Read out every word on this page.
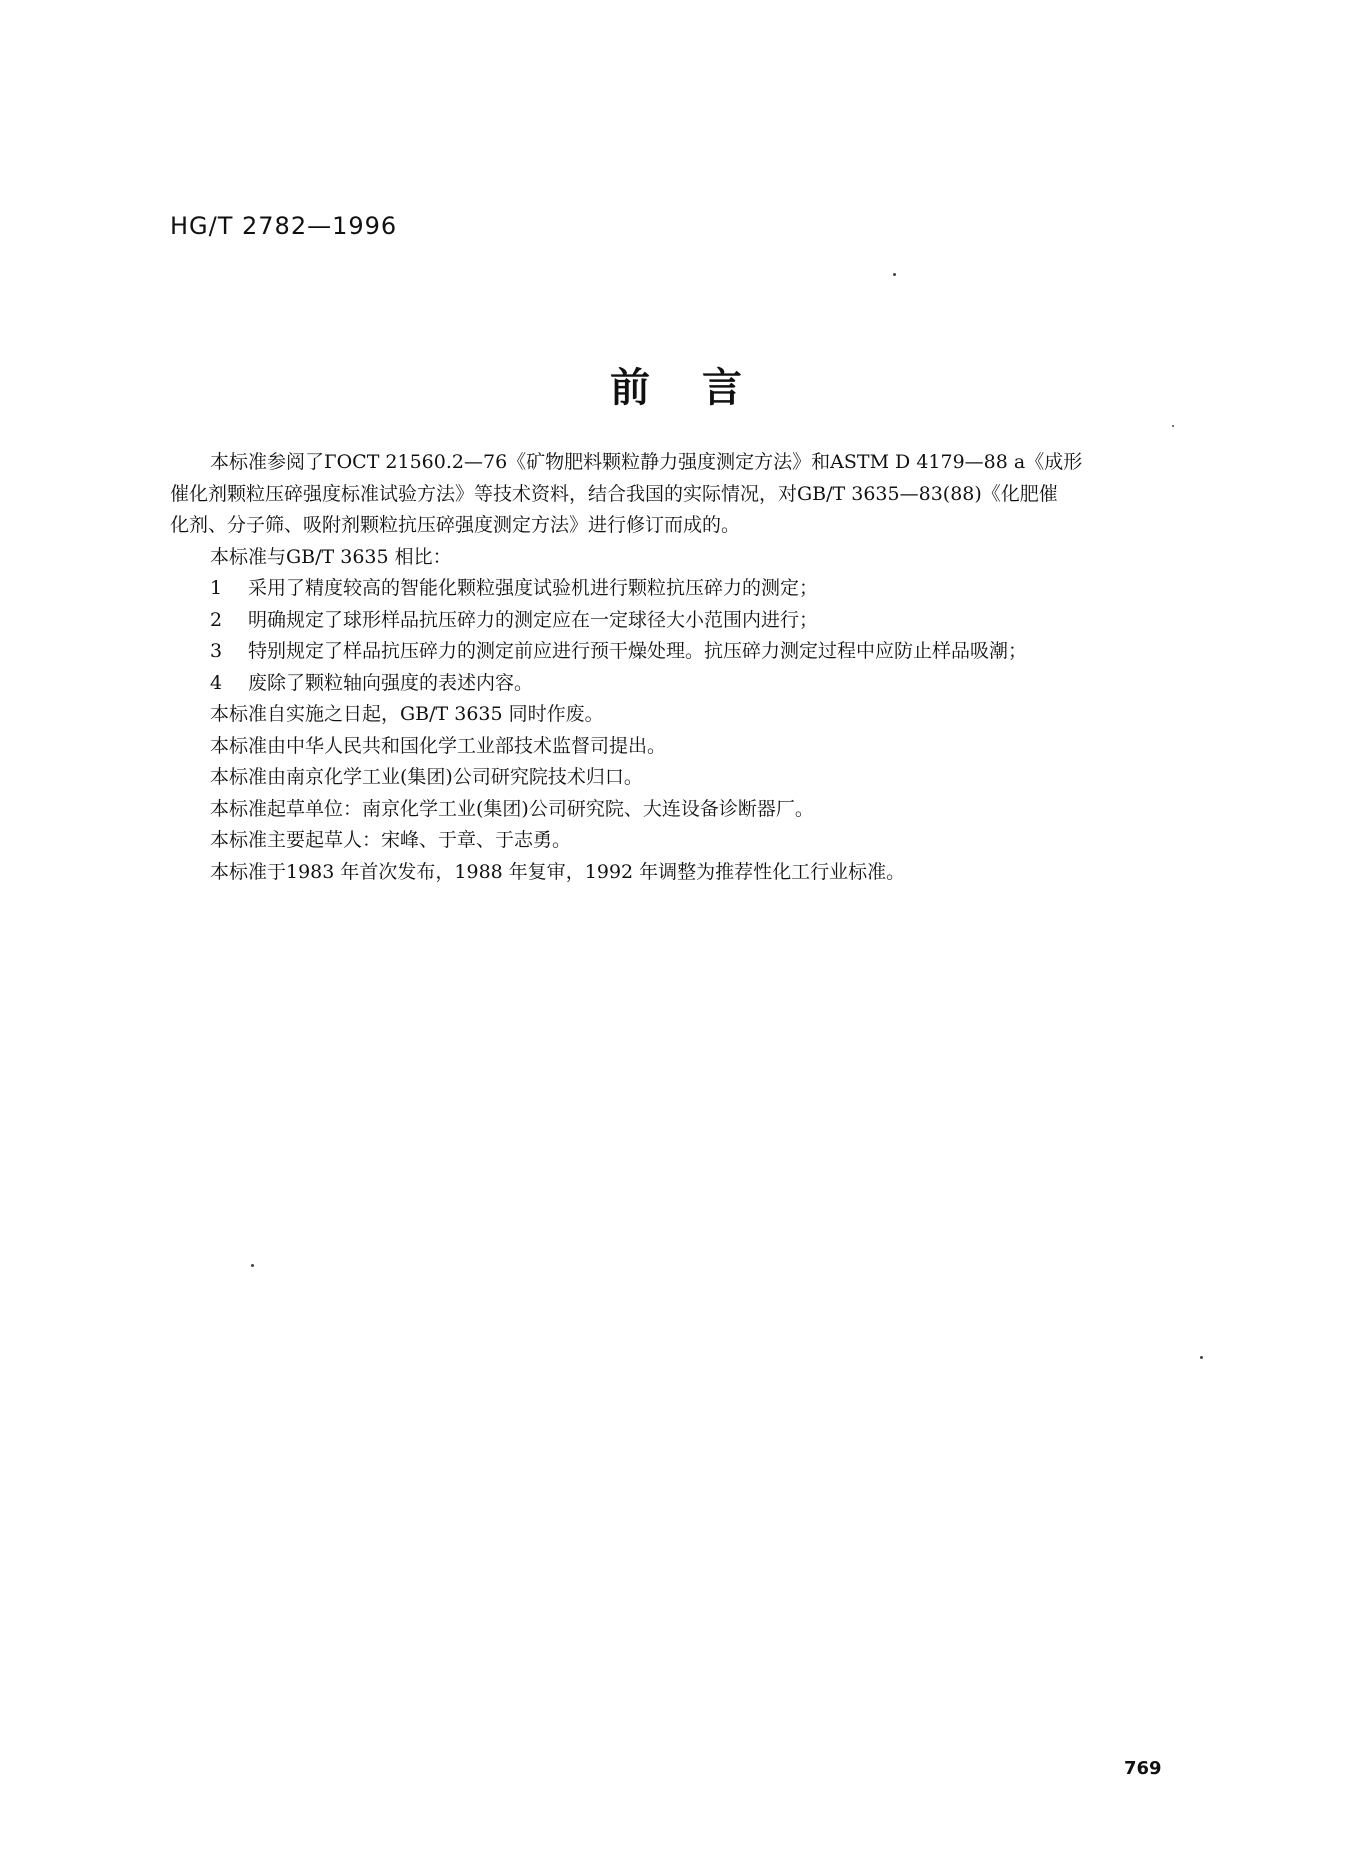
HG/T 2782—1996
前言

本标准参阅了ГОСТ 21560.2—76《矿物肥料颗粒静力强度测定方法》和ASTM D 4179—88 a《成形

催化剂颗粒压碎强度标准试验方法》等技术资料，结合我国的实际情况，对GB/T 3635—83(88)《化肥催

化剂、分子筛、吸附剂颗粒抗压碎强度测定方法》进行修订而成的。

本标准与GB/T 3635 相比：

1	采用了精度较高的智能化颗粒强度试验机进行颗粒抗压碎力的测定；
2	明确规定了球形样品抗压碎力的测定应在一定球径大小范围内进行；
3	特别规定了样品抗压碎力的测定前应进行预干燥处理。抗压碎力测定过程中应防止样品吸潮；
4	废除了颗粒轴向强度的表述内容。

本标准自实施之日起，GB/T 3635 同时作废。

本标准由中华人民共和国化学工业部技术监督司提出。

本标准由南京化学工业(集团)公司研究院技术归口。

本标准起草单位：南京化学工业(集团)公司研究院、大连设备诊断器厂。

本标准主要起草人：宋峰、于章、于志勇。

本标准于1983 年首次发布，1988 年复审，1992 年调整为推荐性化工行业标准。

769
